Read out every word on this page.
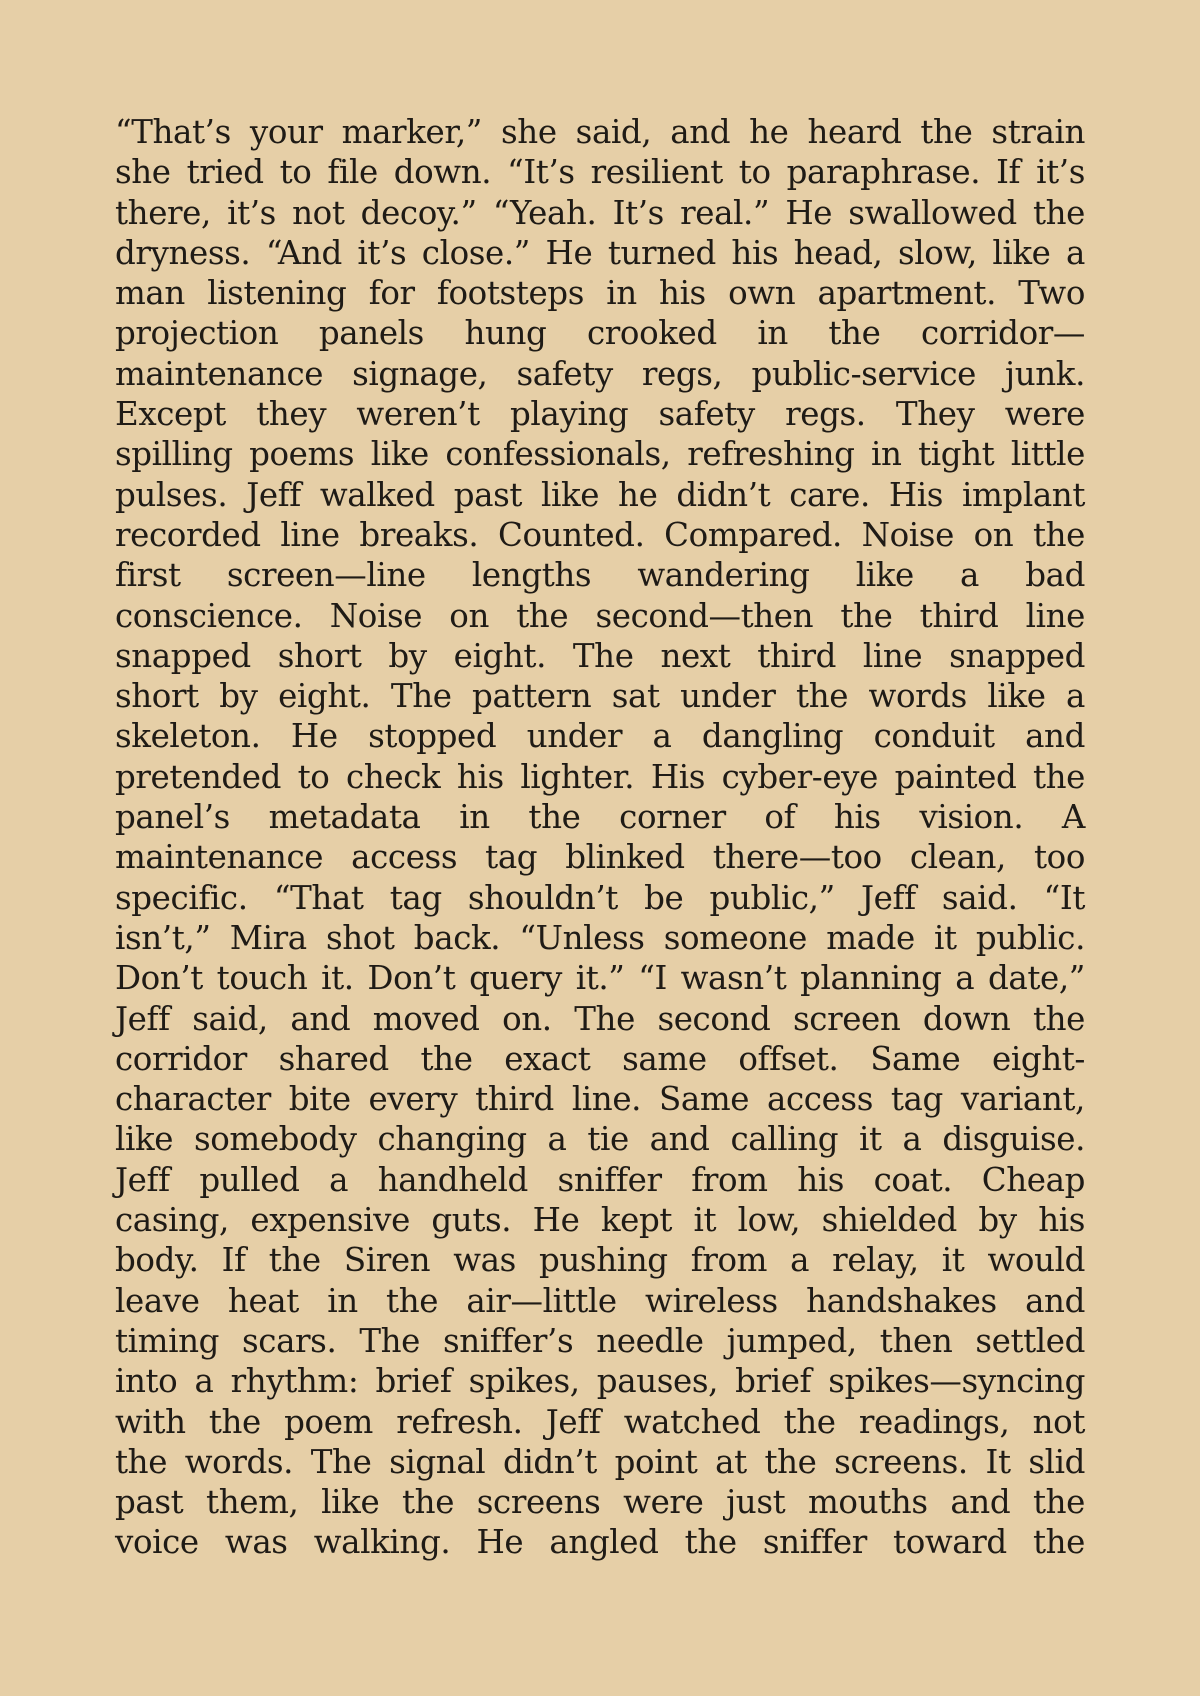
“That’s your marker,” she said, and he heard the strain
she tried to file down. “It’s resilient to paraphrase. If it’s
there, it’s not decoy.” “Yeah. It’s real.” He swallowed the
dryness. “And it’s close.” He turned his head, slow, like a
man listening for footsteps in his own apartment. Two
projection panels hung crooked in the corridor—
maintenance signage, safety regs, public-service junk.
Except they weren’t playing safety regs. They were
spilling poems like confessionals, refreshing in tight little
pulses. Jeff walked past like he didn’t care. His implant
recorded line breaks. Counted. Compared. Noise on the
first screen—line lengths wandering like a bad
conscience. Noise on the second—then the third line
snapped short by eight. The next third line snapped
short by eight. The pattern sat under the words like a
skeleton. He stopped under a dangling conduit and
pretended to check his lighter. His cyber-eye painted the
panel’s metadata in the corner of his vision. A
maintenance access tag blinked there—too clean, too
specific. “That tag shouldn’t be public,” Jeff said. “It
isn’t,” Mira shot back. “Unless someone made it public.
Don’t touch it. Don’t query it.” “I wasn’t planning a date,”
Jeff said, and moved on. The second screen down the
corridor shared the exact same offset. Same eight-
character bite every third line. Same access tag variant,
like somebody changing a tie and calling it a disguise.
Jeff pulled a handheld sniffer from his coat. Cheap
casing, expensive guts. He kept it low, shielded by his
body. If the Siren was pushing from a relay, it would
leave heat in the air—little wireless handshakes and
timing scars. The sniffer’s needle jumped, then settled
into a rhythm: brief spikes, pauses, brief spikes—syncing
with the poem refresh. Jeff watched the readings, not
the words. The signal didn’t point at the screens. It slid
past them, like the screens were just mouths and the
voice was walking. He angled the sniffer toward the
